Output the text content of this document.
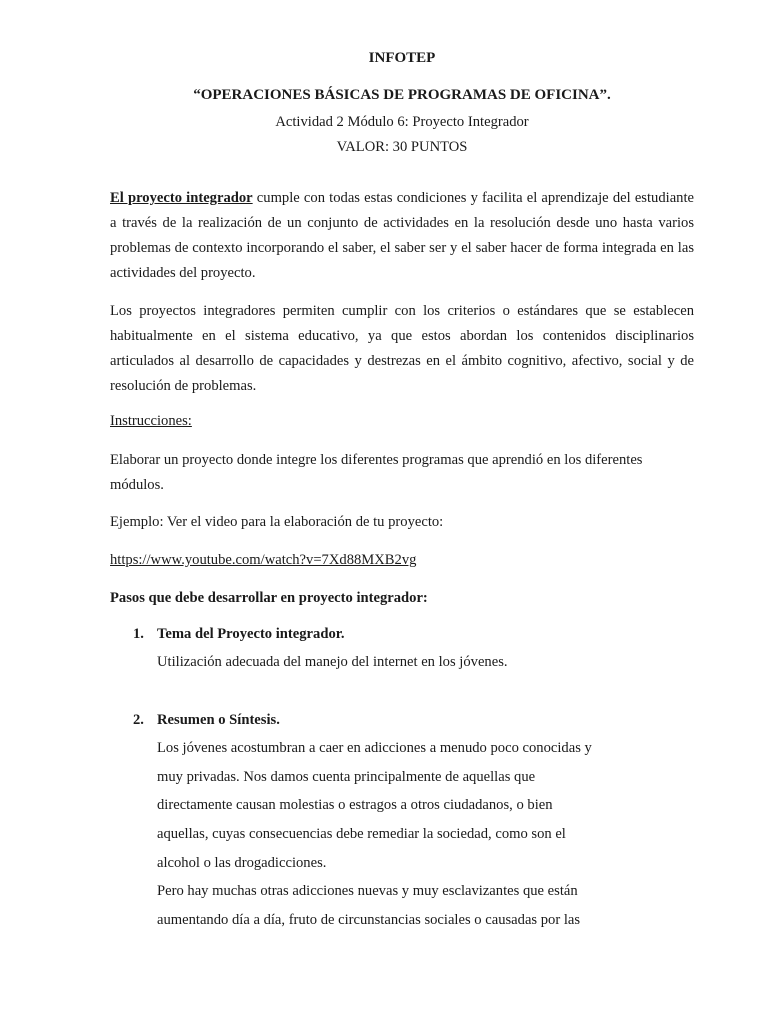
INFOTEP
“OPERACIONES BÁSICAS DE PROGRAMAS DE OFICINA”.
Actividad 2 Módulo 6: Proyecto Integrador
VALOR: 30 PUNTOS
El proyecto integrador cumple con todas estas condiciones y facilita el aprendizaje del estudiante a través de la realización de un conjunto de actividades en la resolución desde uno hasta varios problemas de contexto incorporando el saber, el saber ser y el saber hacer de forma integrada en las actividades del proyecto.
Los proyectos integradores permiten cumplir con los criterios o estándares que se establecen habitualmente en el sistema educativo, ya que estos abordan los contenidos disciplinarios articulados al desarrollo de capacidades y destrezas en el ámbito cognitivo, afectivo, social y de resolución de problemas.
Instrucciones:
Elaborar un proyecto donde integre los diferentes programas que aprendió en los diferentes
módulos.
Ejemplo: Ver el video para la elaboración de tu proyecto:
https://www.youtube.com/watch?v=7Xd88MXB2vg
Pasos que debe desarrollar en proyecto integrador:
1. Tema del Proyecto integrador.
Utilización adecuada del manejo del internet en los jóvenes.
2. Resumen o Síntesis.
Los jóvenes acostumbran a caer en adicciones a menudo poco conocidas y
muy privadas. Nos damos cuenta principalmente de aquellas que
directamente causan molestias o estragos a otros ciudadanos, o bien
aquellas, cuyas consecuencias debe remediar la sociedad, como son el
alcohol o las drogadicciones.
Pero hay muchas otras adicciones nuevas y muy esclavizantes que están
aumentando día a día, fruto de circunstancias sociales o causadas por las
